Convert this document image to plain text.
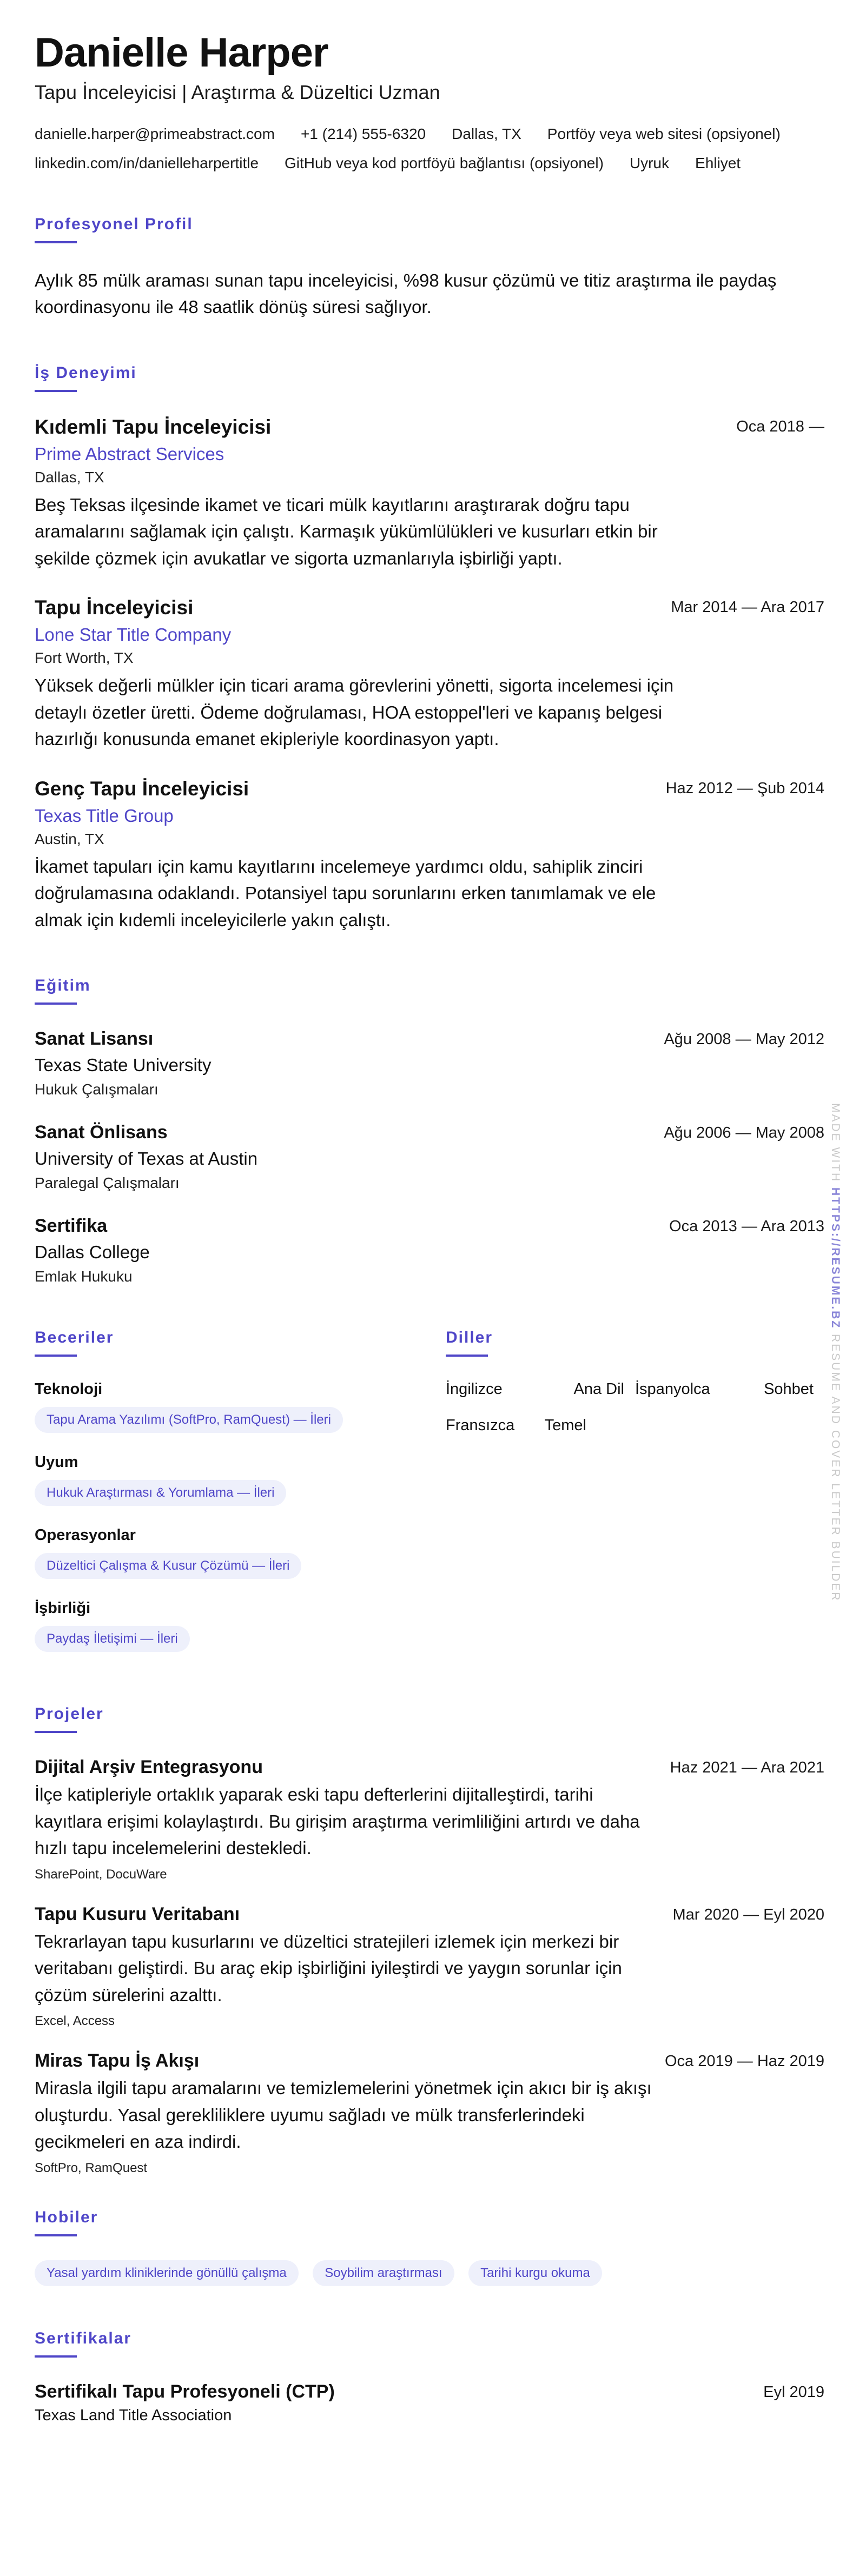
Danielle Harper
Tapu İnceleyicisi | Araştırma & Düzeltici Uzman
danielle.harper@primeabstract.com +1 (214) 555-6320 Dallas, TX Portföy veya web sitesi (opsiyonel)
linkedin.com/in/danielleharpertitle GitHub veya kod portföyü bağlantısı (opsiyonel) Uyruk Ehliyet
Profesyonel Profil
Aylık 85 mülk araması sunan tapu inceleyicisi, %98 kusur çözümü ve titiz araştırma ile paydaş koordinasyonu ile 48 saatlik dönüş süresi sağlıyor.
İş Deneyimi
Kıdemli Tapu İnceleyicisi	Oca 2018 —
Prime Abstract Services
Dallas, TX
Beş Teksas ilçesinde ikamet ve ticari mülk kayıtlarını araştırarak doğru tapu aramalarını sağlamak için çalıştı. Karmaşık yükümlülükleri ve kusurları etkin bir şekilde çözmek için avukatlar ve sigorta uzmanlarıyla işbirliği yaptı.
Tapu İnceleyicisi	Mar 2014 — Ara 2017
Lone Star Title Company
Fort Worth, TX
Yüksek değerli mülkler için ticari arama görevlerini yönetti, sigorta incelemesi için detaylı özetler üretti. Ödeme doğrulaması, HOA estoppel'leri ve kapanış belgesi hazırlığı konusunda emanet ekipleriyle koordinasyon yaptı.
Genç Tapu İnceleyicisi	Haz 2012 — Şub 2014
Texas Title Group
Austin, TX
İkamet tapuları için kamu kayıtlarını incelemeye yardımcı oldu, sahiplik zinciri doğrulamasına odaklandı. Potansiyel tapu sorunlarını erken tanımlamak ve ele almak için kıdemli inceleyicilerle yakın çalıştı.
Eğitim
Sanat Lisansı	Ağu 2008 — May 2012
Texas State University
Hukuk Çalışmaları
Sanat Önlisans	Ağu 2006 — May 2008
University of Texas at Austin
Paralegal Çalışmaları
Sertifika	Oca 2013 — Ara 2013
Dallas College
Emlak Hukuku
Beceriler
Teknoloji
Tapu Arama Yazılımı (SoftPro, RamQuest) — İleri
Uyum
Hukuk Araştırması & Yorumlama — İleri
Operasyonlar
Düzeltici Çalışma & Kusur Çözümü — İleri
İşbirliği
Paydaş İletişimi — İleri
Diller
İngilizce	Ana Dil İspanyolca	Sohbet
Fransızca Temel
Projeler
Dijital Arşiv Entegrasyonu	Haz 2021 — Ara 2021
İlçe katipleriyle ortaklık yaparak eski tapu defterlerini dijitalleştirdi, tarihi kayıtlara erişimi kolaylaştırdı. Bu girişim araştırma verimliliğini artırdı ve daha hızlı tapu incelemelerini destekledi.
SharePoint, DocuWare
Tapu Kusuru Veritabanı	Mar 2020 — Eyl 2020
Tekrarlayan tapu kusurlarını ve düzeltici stratejileri izlemek için merkezi bir veritabanı geliştirdi. Bu araç ekip işbirliğini iyileştirdi ve yaygın sorunlar için çözüm sürelerini azalttı.
Excel, Access
Miras Tapu İş Akışı	Oca 2019 — Haz 2019
Mirasla ilgili tapu aramalarını ve temizlemelerini yönetmek için akıcı bir iş akışı oluşturdu. Yasal gerekliliklere uyumu sağladı ve mülk transferlerindeki gecikmeleri en aza indirdi.
SoftPro, RamQuest
Hobiler
Yasal yardım kliniklerinde gönüllü çalışma	Soybilim araştırması	Tarihi kurgu okuma
Sertifikalar
Sertifikalı Tapu Profesyoneli (CTP)	Eyl 2019
Texas Land Title Association
MADE WITH HTTPS://RESUME.BZ RESUME AND COVER LETTER BUILDER
